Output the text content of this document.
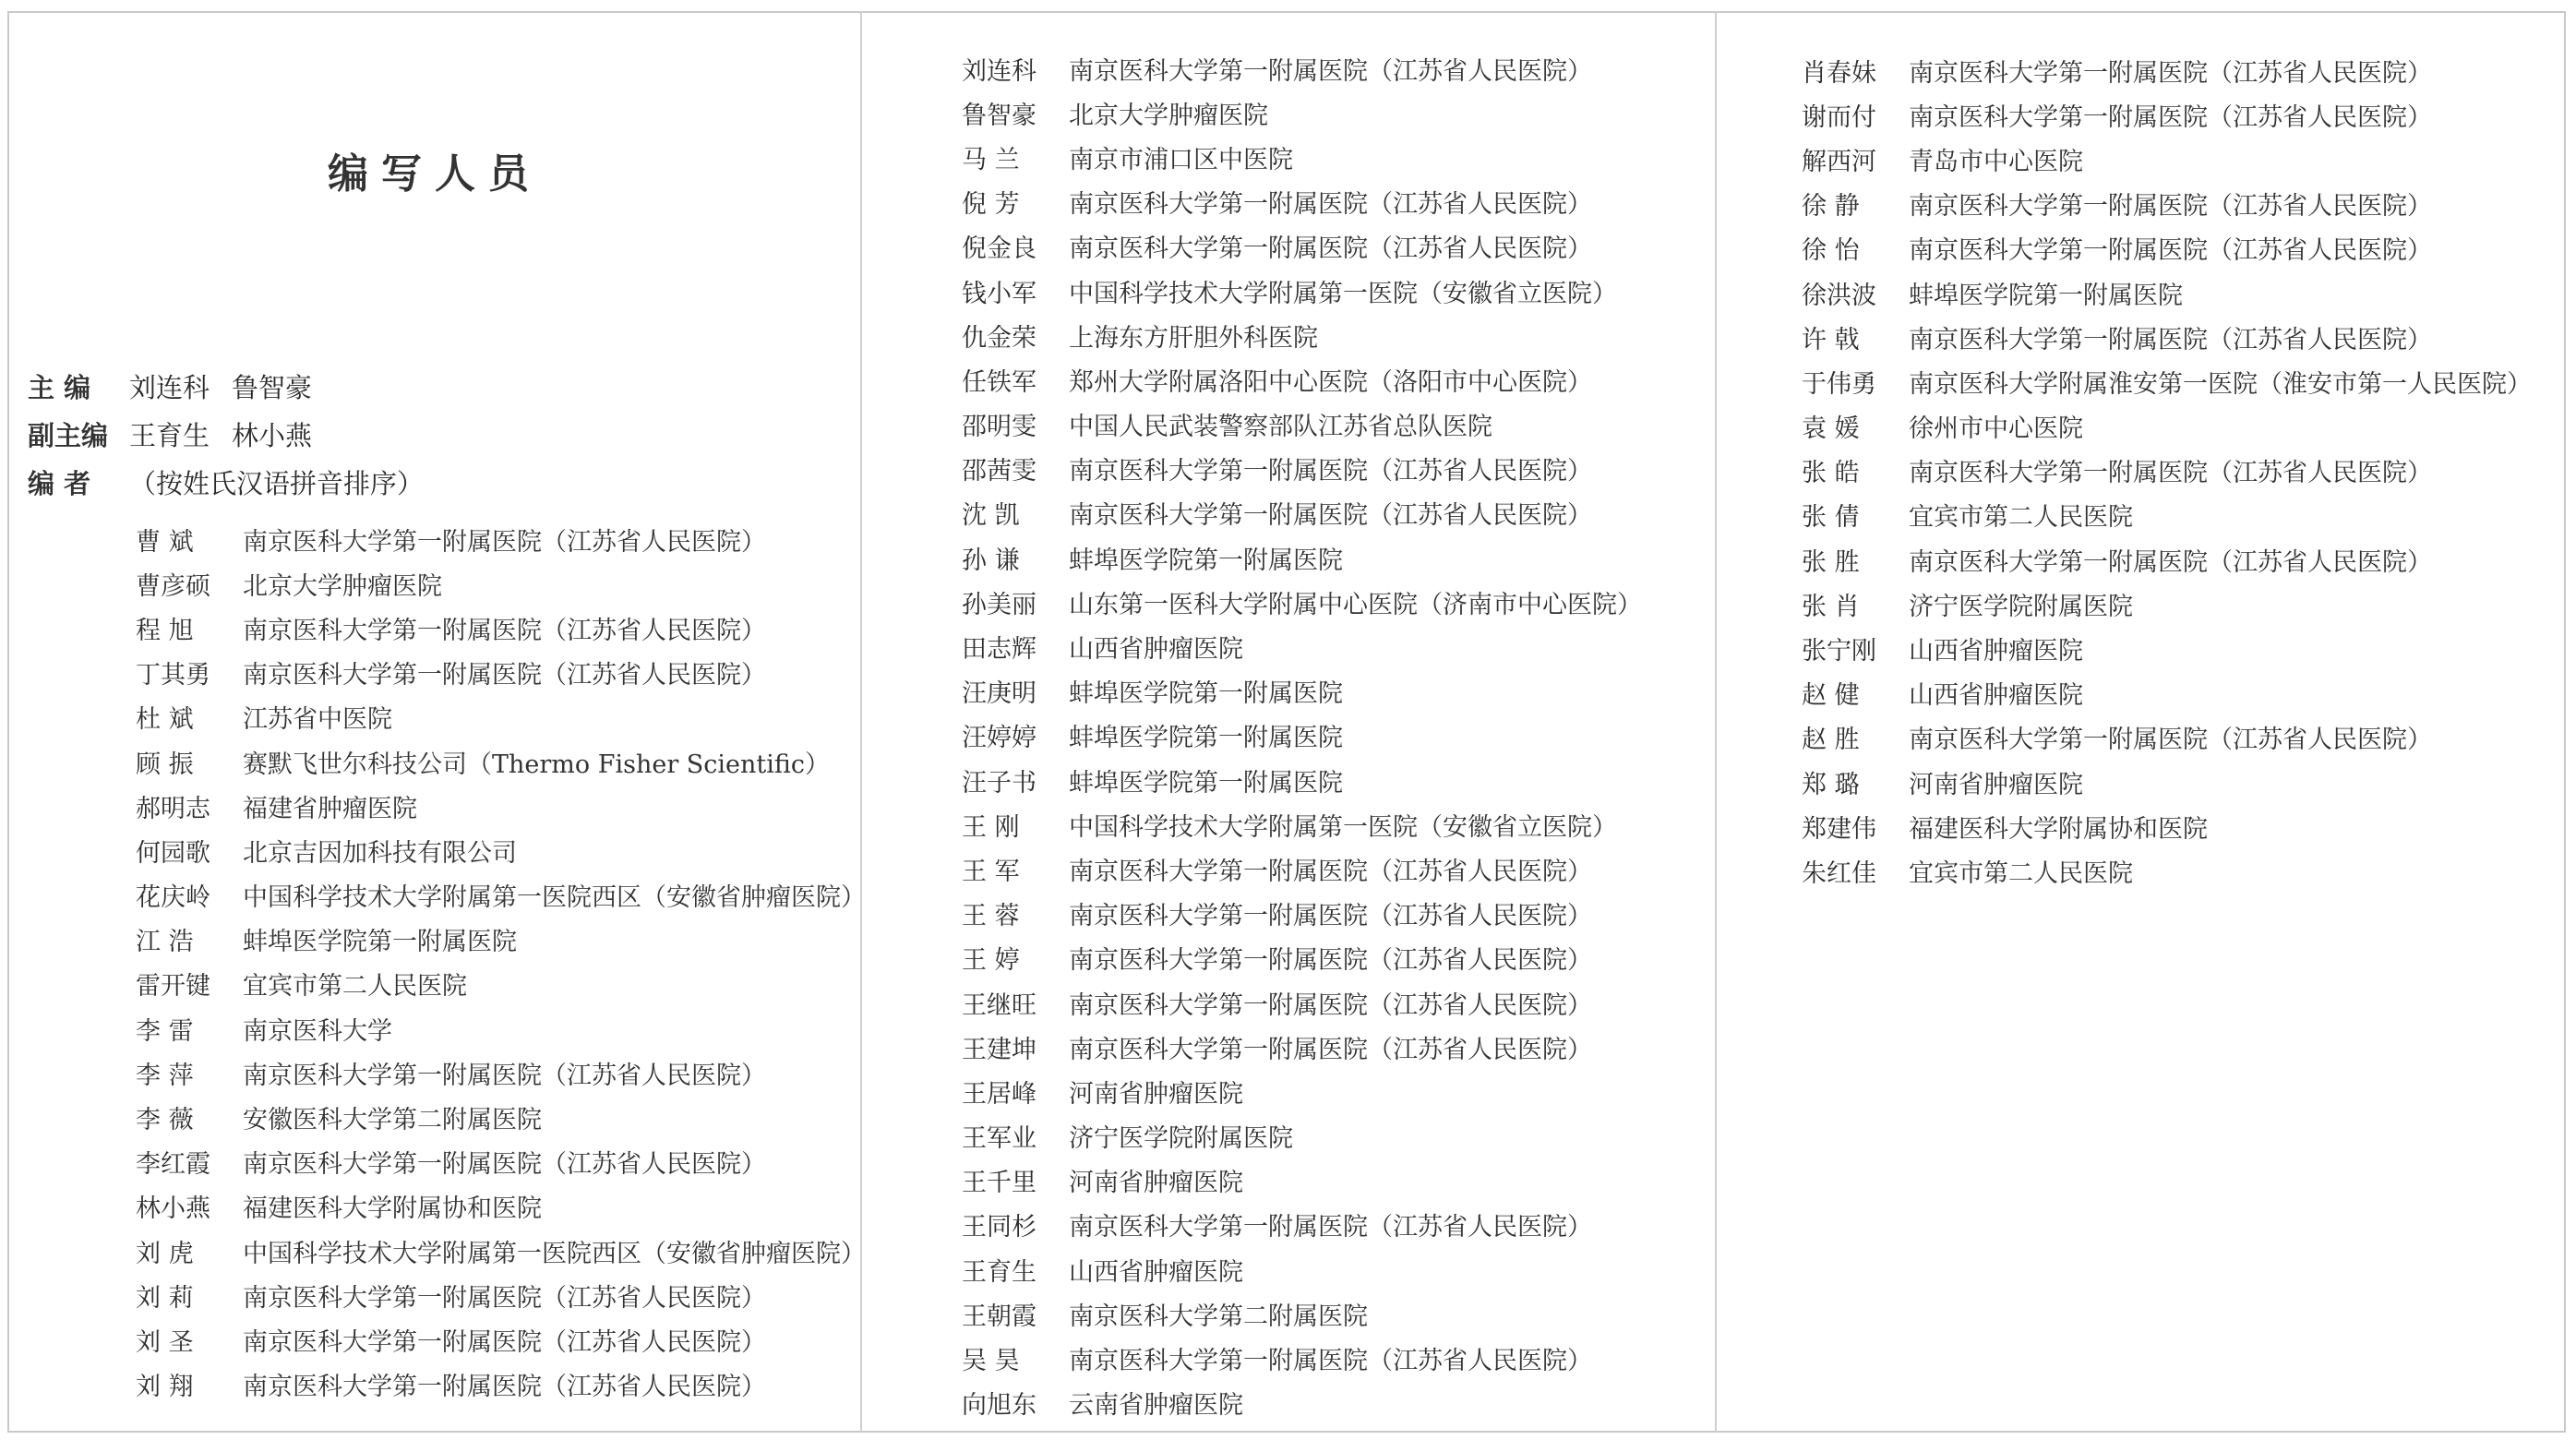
编写人员
主 编	刘连科 鲁智豪
副主编 王育生 林小燕
编 者	（按姓氏汉语拼音排序）
曹 斌	南京医科大学第一附属医院（江苏省人民医院）
曹彦硕	北京大学肿瘤医院
程 旭	南京医科大学第一附属医院（江苏省人民医院）
丁其勇	南京医科大学第一附属医院（江苏省人民医院）
杜 斌	江苏省中医院
顾 振	赛默飞世尔科技公司（Thermo Fisher Scientific）
郝明志	福建省肿瘤医院
何园歌	北京吉因加科技有限公司
花庆岭	中国科学技术大学附属第一医院西区（安徽省肿瘤医院）
江 浩	蚌埠医学院第一附属医院
雷开键	宜宾市第二人民医院
李 雷	南京医科大学
李 萍	南京医科大学第一附属医院（江苏省人民医院）
李 薇	安徽医科大学第二附属医院
李红霞	南京医科大学第一附属医院（江苏省人民医院）
林小燕	福建医科大学附属协和医院
刘 虎	中国科学技术大学附属第一医院西区（安徽省肿瘤医院）
刘 莉	南京医科大学第一附属医院（江苏省人民医院）
刘 圣	南京医科大学第一附属医院（江苏省人民医院）
刘 翔	南京医科大学第一附属医院（江苏省人民医院）
刘连科	南京医科大学第一附属医院（江苏省人民医院）
鲁智豪	北京大学肿瘤医院
马 兰	南京市浦口区中医院
倪 芳	南京医科大学第一附属医院（江苏省人民医院）
倪金良	南京医科大学第一附属医院（江苏省人民医院）
钱小军	中国科学技术大学附属第一医院（安徽省立医院）
仇金荣	上海东方肝胆外科医院
任铁军	郑州大学附属洛阳中心医院（洛阳市中心医院）
邵明雯	中国人民武装警察部队江苏省总队医院
邵茜雯	南京医科大学第一附属医院（江苏省人民医院）
沈 凯	南京医科大学第一附属医院（江苏省人民医院）
孙 谦	蚌埠医学院第一附属医院
孙美丽	山东第一医科大学附属中心医院（济南市中心医院）
田志辉	山西省肿瘤医院
汪庚明	蚌埠医学院第一附属医院
汪婷婷	蚌埠医学院第一附属医院
汪子书	蚌埠医学院第一附属医院
王 刚	中国科学技术大学附属第一医院（安徽省立医院）
王 军	南京医科大学第一附属医院（江苏省人民医院）
王 蓉	南京医科大学第一附属医院（江苏省人民医院）
王 婷	南京医科大学第一附属医院（江苏省人民医院）
王继旺	南京医科大学第一附属医院（江苏省人民医院）
王建坤	南京医科大学第一附属医院（江苏省人民医院）
王居峰	河南省肿瘤医院
王军业	济宁医学院附属医院
王千里	河南省肿瘤医院
王同杉	南京医科大学第一附属医院（江苏省人民医院）
王育生	山西省肿瘤医院
王朝霞	南京医科大学第二附属医院
吴 昊	南京医科大学第一附属医院（江苏省人民医院）
向旭东	云南省肿瘤医院
肖春妹	南京医科大学第一附属医院（江苏省人民医院）
谢而付	南京医科大学第一附属医院（江苏省人民医院）
解西河	青岛市中心医院
徐 静	南京医科大学第一附属医院（江苏省人民医院）
徐 怡	南京医科大学第一附属医院（江苏省人民医院）
徐洪波	蚌埠医学院第一附属医院
许 戟	南京医科大学第一附属医院（江苏省人民医院）
于伟勇	南京医科大学附属淮安第一医院（淮安市第一人民医院）
袁 媛	徐州市中心医院
张 皓	南京医科大学第一附属医院（江苏省人民医院）
张 倩	宜宾市第二人民医院
张 胜	南京医科大学第一附属医院（江苏省人民医院）
张 肖	济宁医学院附属医院
张宁刚	山西省肿瘤医院
赵 健	山西省肿瘤医院
赵 胜	南京医科大学第一附属医院（江苏省人民医院）
郑 璐	河南省肿瘤医院
郑建伟	福建医科大学附属协和医院
朱红佳	宜宾市第二人民医院
